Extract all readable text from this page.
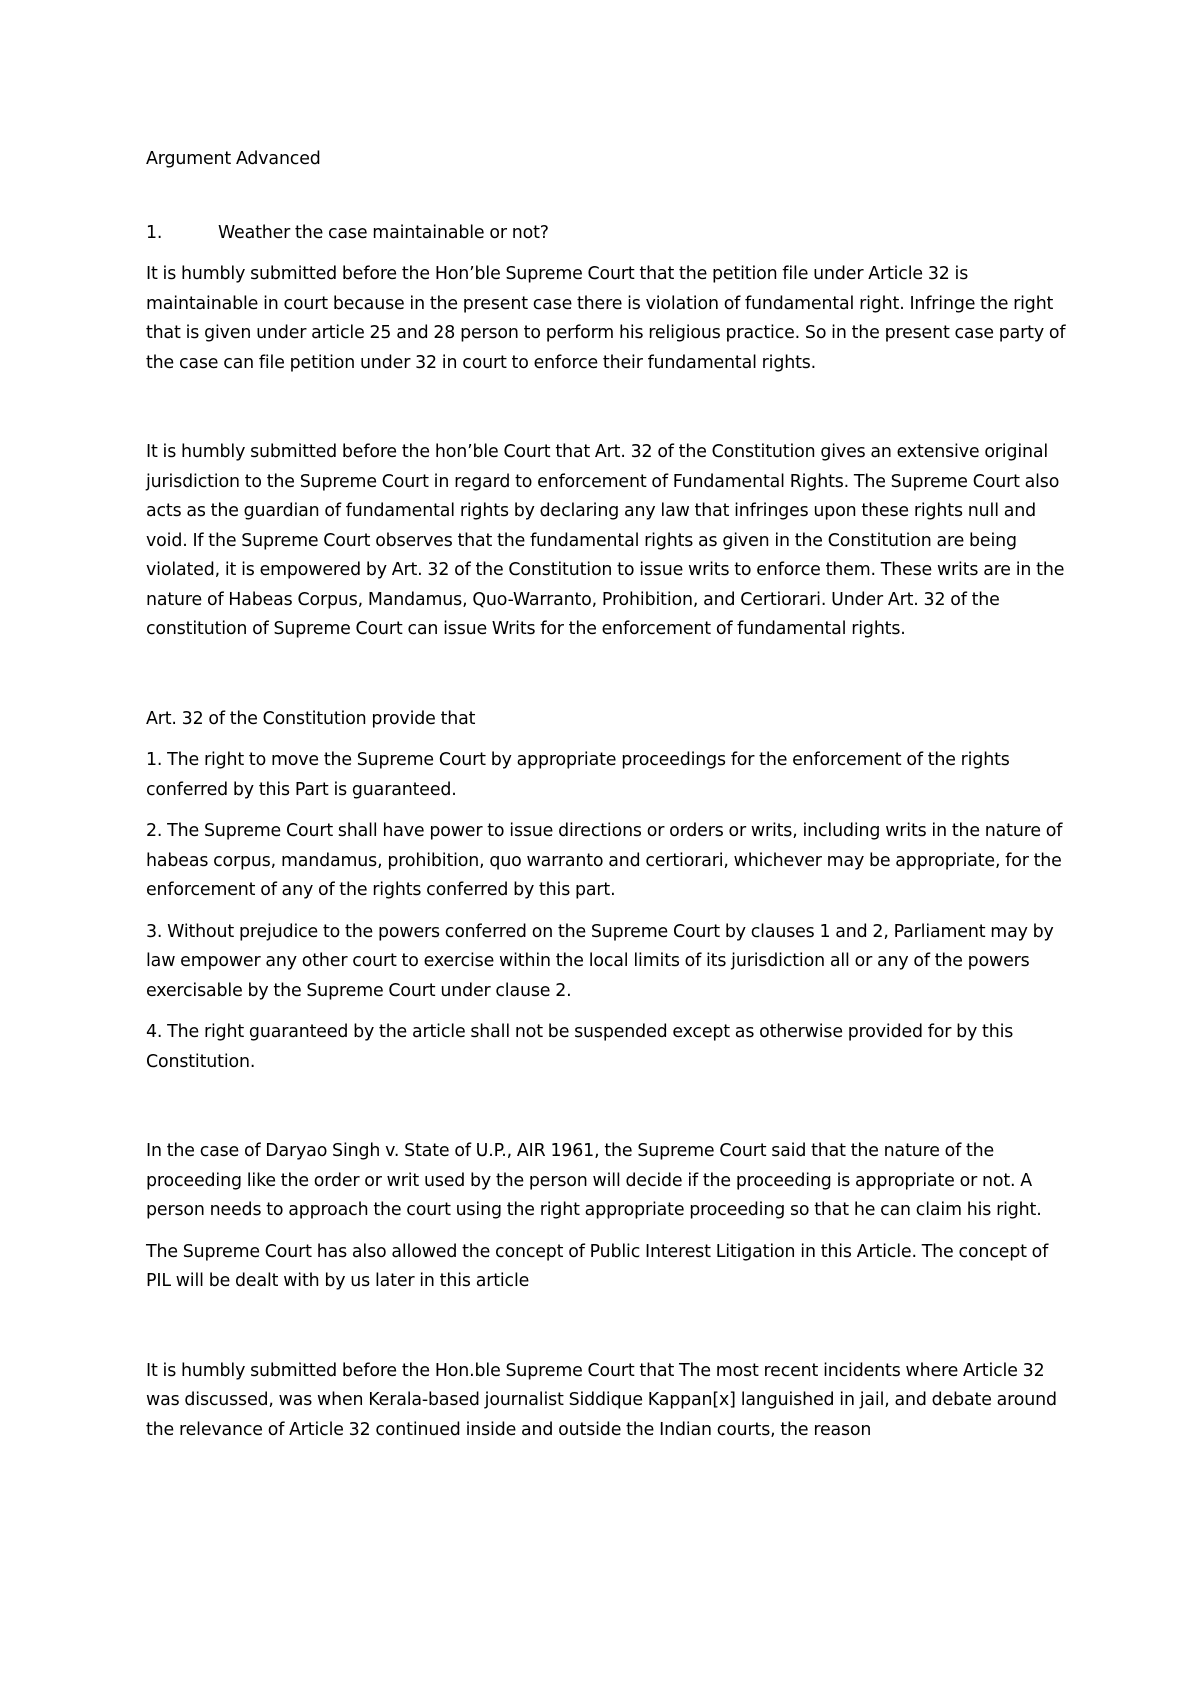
Argument Advanced

1.	Weather the case maintainable or not?

It is humbly submitted before the Hon’ble Supreme Court that the petition file under Article 32 is maintainable in court because in the present case there is violation of fundamental right. Infringe the right that is given under article 25 and 28 person to perform his religious practice. So in the present case party of the case can file petition under 32 in court to enforce their fundamental rights.

It is humbly submitted before the hon’ble Court that Art. 32 of the Constitution gives an extensive original jurisdiction to the Supreme Court in regard to enforcement of Fundamental Rights. The Supreme Court also acts as the guardian of fundamental rights by declaring any law that infringes upon these rights null and void. If the Supreme Court observes that the fundamental rights as given in the Constitution are being violated, it is empowered by Art. 32 of the Constitution to issue writs to enforce them. These writs are in the nature of Habeas Corpus, Mandamus, Quo-Warranto, Prohibition, and Certiorari. Under Art. 32 of the constitution of Supreme Court can issue Writs for the enforcement of fundamental rights.

Art. 32 of the Constitution provide that

1. The right to move the Supreme Court by appropriate proceedings for the enforcement of the rights conferred by this Part is guaranteed.

2. The Supreme Court shall have power to issue directions or orders or writs, including writs in the nature of habeas corpus, mandamus, prohibition, quo warranto and certiorari, whichever may be appropriate, for the enforcement of any of the rights conferred by this part.

3. Without prejudice to the powers conferred on the Supreme Court by clauses 1 and 2, Parliament may by law empower any other court to exercise within the local limits of its jurisdiction all or any of the powers exercisable by the Supreme Court under clause 2.

4. The right guaranteed by the article shall not be suspended except as otherwise provided for by this Constitution.

In the case of Daryao Singh v. State of U.P., AIR 1961, the Supreme Court said that the nature of the proceeding like the order or writ used by the person will decide if the proceeding is appropriate or not. A person needs to approach the court using the right appropriate proceeding so that he can claim his right.

The Supreme Court has also allowed the concept of Public Interest Litigation in this Article. The concept of PIL will be dealt with by us later in this article

It is humbly submitted before the Hon.ble Supreme Court that The most recent incidents where Article 32 was discussed, was when Kerala-based journalist Siddique Kappan[x] languished in jail, and debate around the relevance of Article 32 continued inside and outside the Indian courts, the reason
